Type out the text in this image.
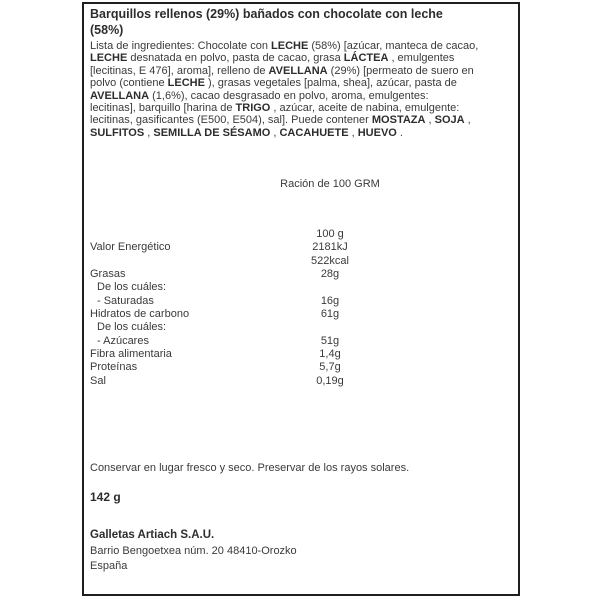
Barquillos rellenos (29%) bañados con chocolate con leche
(58%)
Lista de ingredientes: Chocolate con LECHE (58%) [azúcar, manteca de cacao,
LECHE desnatada en polvo, pasta de cacao, grasa LÁCTEA , emulgentes
[lecitinas, E 476], aroma], relleno de AVELLANA (29%) [permeato de suero en
polvo (contiene LECHE ), grasas vegetales [palma, shea], azúcar, pasta de
AVELLANA (1,6%), cacao desgrasado en polvo, aroma, emulgentes:
lecitinas], barquillo [harina de TRIGO , azúcar, aceite de nabina, emulgente:
lecitinas, gasificantes (E500, E504), sal]. Puede contener MOSTAZA , SOJA ,
SULFITOS , SEMILLA DE SÉSAMO , CACAHUETE , HUEVO .
Ración de 100 GRM
100 g
Valor Energético	2181kJ
522kcal
Grasas	28g
De los cuáles:
- Saturadas	16g
Hidratos de carbono	61g
De los cuáles:
- Azúcares	51g
Fibra alimentaria	1,4g
Proteínas	5,7g
Sal	0,19g
Conservar en lugar fresco y seco. Preservar de los rayos solares.
142 g
Galletas Artiach S.A.U.
Barrio Bengoetxea núm. 20 48410-Orozko
España
